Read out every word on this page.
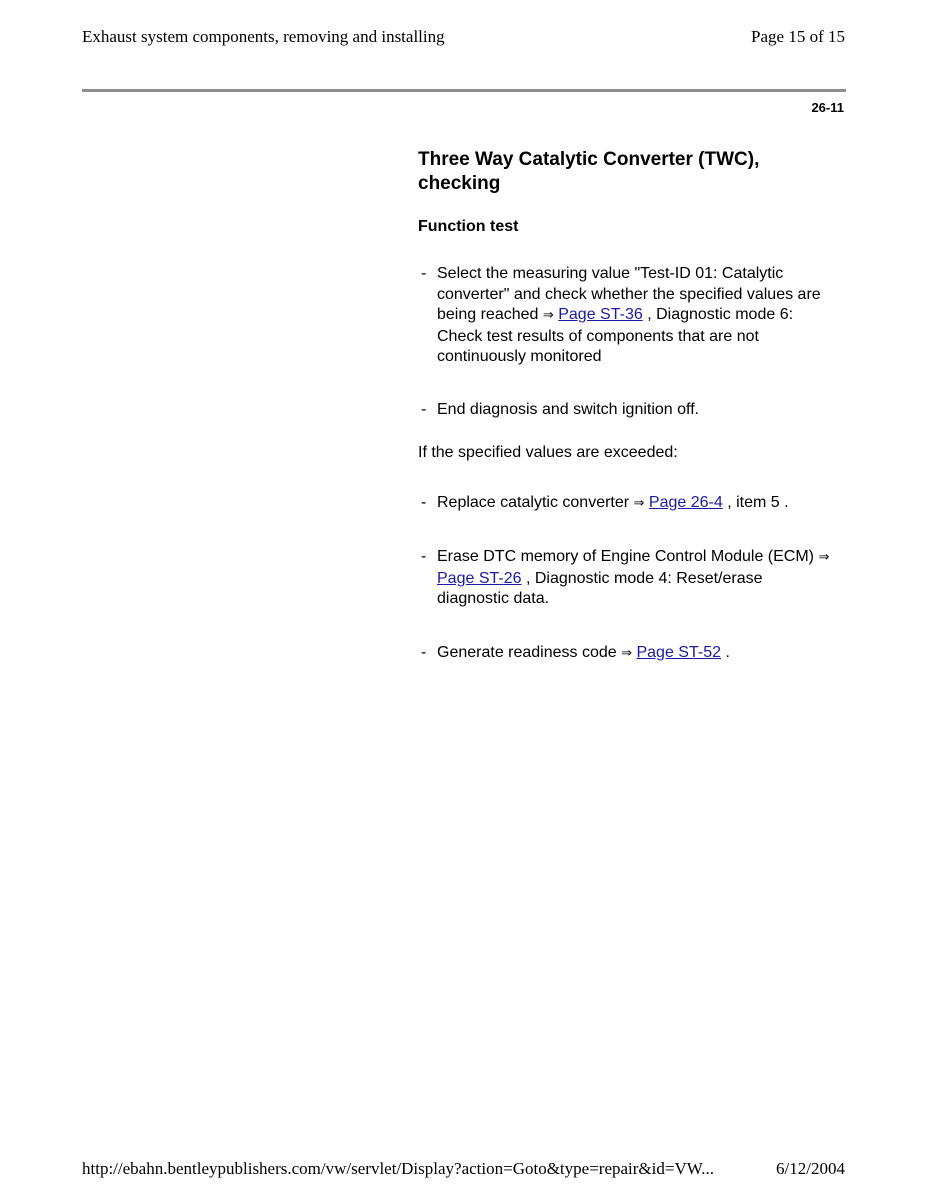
Exhaust system components, removing and installing	Page 15 of 15
26-11
Three Way Catalytic Converter (TWC), checking
Function test
- Select the measuring value "Test-ID 01: Catalytic converter" and check whether the specified values are being reached ⇒ Page ST-36 , Diagnostic mode 6: Check test results of components that are not continuously monitored
- End diagnosis and switch ignition off.
If the specified values are exceeded:
- Replace catalytic converter ⇒ Page 26-4 , item 5 .
- Erase DTC memory of Engine Control Module (ECM) ⇒ Page ST-26 , Diagnostic mode 4: Reset/erase diagnostic data.
- Generate readiness code ⇒ Page ST-52 .
http://ebahn.bentleypublishers.com/vw/servlet/Display?action=Goto&type=repair&id=VW...	6/12/2004
